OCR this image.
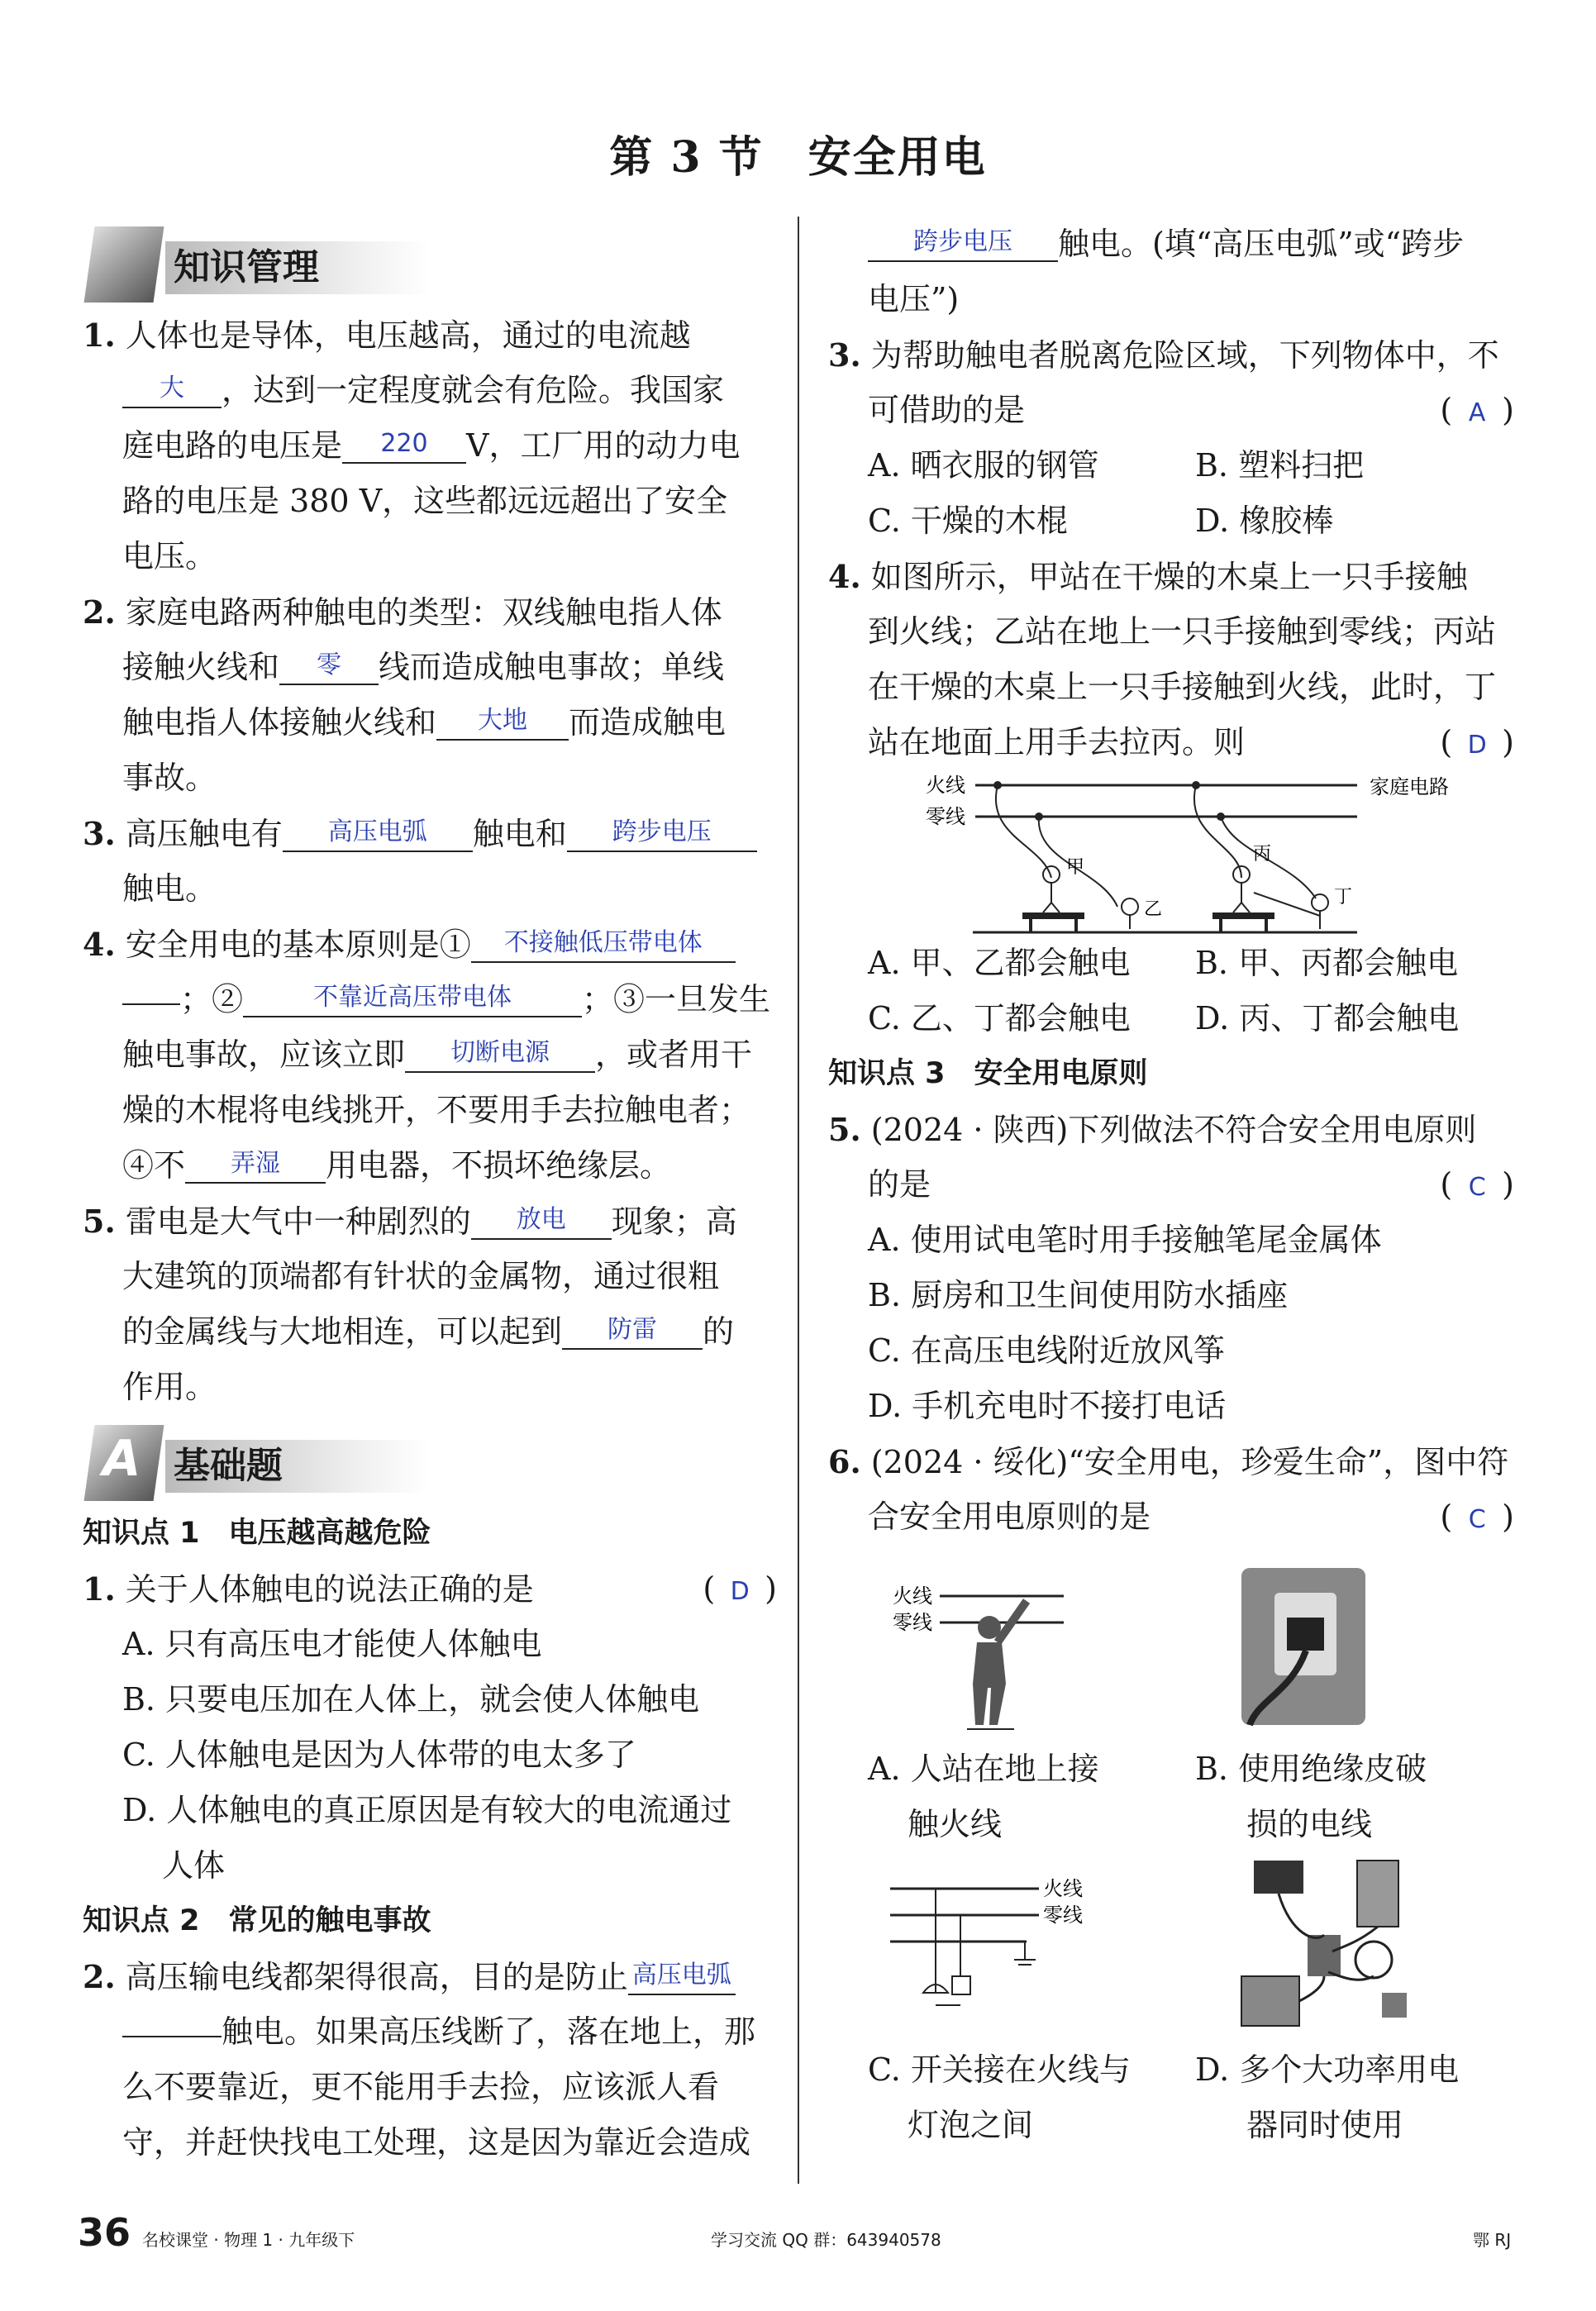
第 3 节　安全用电
知识管理
1. 人体也是导体，电压越高，通过的电流越
大 ，达到一定程度就会有危险。我国家
庭电路的电压是 220 V，工厂用的动力电
路的电压是 380 V，这些都远远超出了安全
电压。
2. 家庭电路两种触电的类型：双线触电指人体
接触火线和 零 线而造成触电事故；单线
触电指人体接触火线和 大地 而造成触电
事故。
3. 高压触电有 高压电弧 触电和 跨步电压
触电。
4. 安全用电的基本原则是① 不接触低压带电体
；②	不靠近高压带电体 ；③一旦发生
触电事故，应该立即 切断电源 ，或者用干
燥的木棍将电线挑开，不要用手去拉触电者；
④不 弄湿 用电器，不损坏绝缘层。
5. 雷电是大气中一种剧烈的 放电 现象；高
大建筑的顶端都有针状的金属物，通过很粗
的金属线与大地相连，可以起到 防雷 的
作用。
A 基础题
知识点 1　电压越高越危险
1. 关于人体触电的说法正确的是	( D )
A. 只有高压电才能使人体触电
B. 只要电压加在人体上，就会使人体触电
C. 人体触电是因为人体带的电太多了
D. 人体触电的真正原因是有较大的电流通过
人体
知识点 2　常见的触电事故
2. 高压输电线都架得很高，目的是防止 高压电弧
触电。如果高压线断了，落在地上，那
么不要靠近，更不能用手去捡，应该派人看
守，并赶快找电工处理，这是因为靠近会造成
跨步电压 触电。(填“高压电弧”或“跨步
电压”)
3. 为帮助触电者脱离危险区域，下列物体中，不
可借助的是	( A )
A. 晒衣服的钢管	B. 塑料扫把
C. 干燥的木棍	D. 橡胶棒
4. 如图所示，甲站在干燥的木桌上一只手接触
到火线；乙站在地上一只手接触到零线；丙站
在干燥的木桌上一只手接触到火线，此时，丁
站在地面上用手去拉丙。则	( D )
火线
零线
家庭电路
甲
乙
丙
丁
A. 甲、乙都会触电	B. 甲、丙都会触电
C. 乙、丁都会触电	D. 丙、丁都会触电
知识点 3　安全用电原则
5. (2024 · 陕西)下列做法不符合安全用电原则
的是	( C )
A. 使用试电笔时用手接触笔尾金属体
B. 厨房和卫生间使用防水插座
C. 在高压电线附近放风筝
D. 手机充电时不接打电话
6. (2024 · 绥化)“安全用电，珍爱生命”，图中符
合安全用电原则的是	( C )
火线
零线
A. 人站在地上接	B. 使用绝缘皮破
触火线	损的电线
火线
零线
C. 开关接在火线与	D. 多个大功率用电
灯泡之间	器同时使用
36 名校课堂 · 物理 1 · 九年级下	学习交流 QQ 群：643940578	鄂 RJ
